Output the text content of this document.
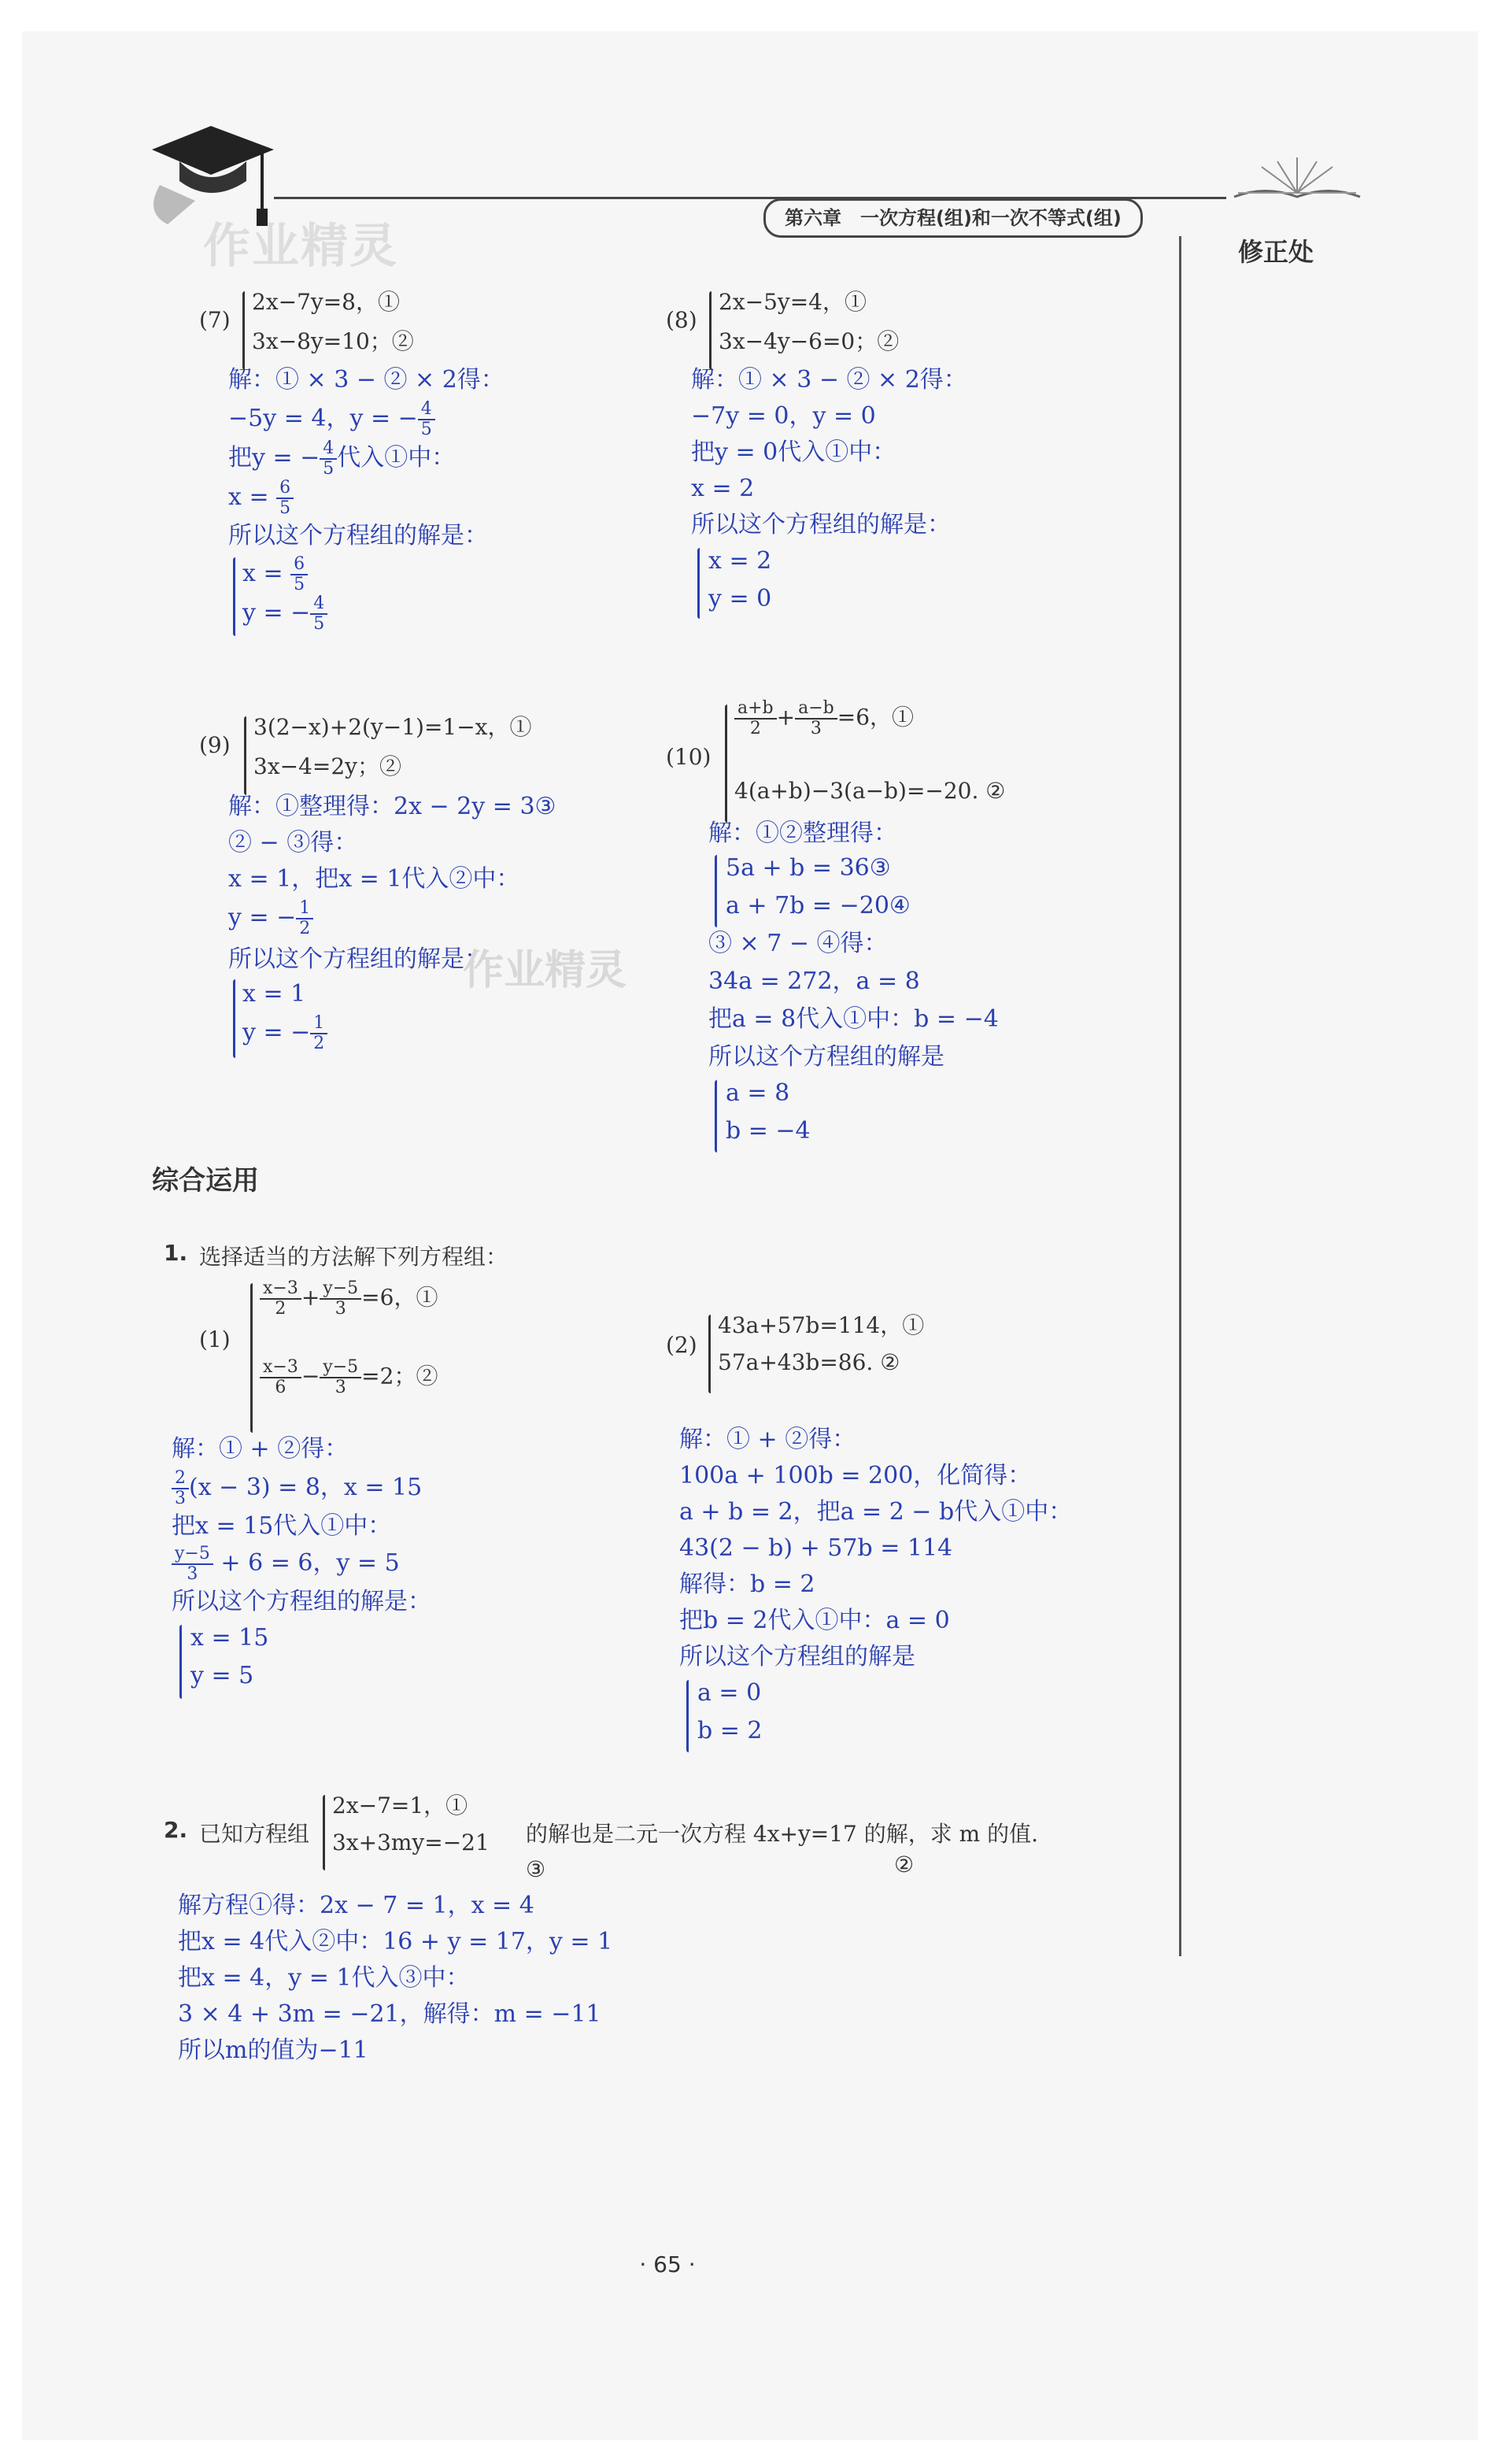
作业精灵
第六章　一次方程(组)和一次不等式(组)
修正处
(7)
2x−7y=8，①
3x−8y=10；②
解：① × 3 − ② × 2得：
−5y = 4，y = − $\frac{4}{5}$
把y = − $\frac{4}{5}$ 代入①中：
$x = \frac{6}{5}$
所以这个方程组的解是：
$x = \frac{6}{5}$
y = − $\frac{4}{5}$
(8)
2x−5y=4，①
3x−4y−6=0；②
解：① × 3 − ② × 2得：
−7y = 0，y = 0
把y = 0代入①中：
x = 2
所以这个方程组的解是：
x = 2
y = 0
(9)
3(2−x)+2(y−1)=1−x，①
3x−4=2y；②
解：①整理得：2x − 2y = 3③
② − ③得：
x = 1，把x = 1代入②中：
y = − $\frac{1}{2}$
所以这个方程组的解是：
x = 1
y = − $\frac{1}{2}$
作业精灵
(10)
$\frac{a+b}{2} + \frac{a-b}{3} =6$，①
4(a+b)−3(a−b)=−20. ②
解：①②整理得：
5a + b = 36③
a + 7b = −20④
③ × 7 − ④得：
34a = 272，a = 8
把a = 8代入①中：b = −4
所以这个方程组的解是
a = 8
b = −4
综合运用
1. 选择适当的方法解下列方程组：
(1)
$\frac{x-3}{2} + \frac{y-5}{3} =6$，①
$\frac{x-3}{6} - \frac{y-5}{3} =2$；②
解：① + ②得：
$\frac{2}{3} (x - 3) = 8$，x = 15
把x = 15代入①中：
$\frac{y-5}{3} + 6 = 6$，y = 5
所以这个方程组的解是：
x = 15
y = 5
(2)
43a+57b=114，①
57a+43b=86. ②
解：① + ②得：
100a + 100b = 200，化简得：
a + b = 2，把a = 2 − b代入①中：
43(2 − b) + 57b = 114
解得：b = 2
把b = 2代入①中：a = 0
所以这个方程组的解是
a = 0
b = 2
2. 已知方程组
2x−7=1，①
3x+3my=−21
③
的解也是二元一次方程 4x+y=17 的解，求 m 的值.
②
解方程①得：2x − 7 = 1，x = 4
把x = 4代入②中：16 + y = 17，y = 1
把x = 4，y = 1代入③中：
3 × 4 + 3m = −21，解得：m = −11
所以m的值为−11
· 65 ·
